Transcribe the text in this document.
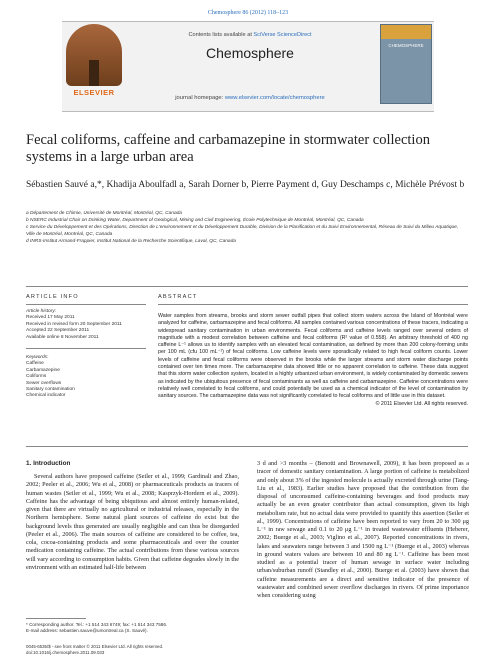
Chemosphere 86 (2012) 118–123
ELSEVIER
Contents lists available at SciVerse ScienceDirect
Chemosphere
journal homepage: www.elsevier.com/locate/chemosphere
CHEMOSPHERE
Fecal coliforms, caffeine and carbamazepine in stormwater collection systems in a large urban area
Sébastien Sauvé a,*, Khadija Aboulfadl a, Sarah Dorner b, Pierre Payment d, Guy Deschamps c, Michèle Prévost b
a Département de Chimie, Université de Montréal, Montréal, QC, Canada
b NSERC Industrial Chair on Drinking Water, Department of Geological, Mining and Civil Engineering, École Polytechnique de Montréal, Montréal, QC, Canada
c Service du Développement et des Opérations, Direction de L'environnement et du Développement Durable, Division de la Planification et du Suivi Environnemental, Réseau de Suivi du Milieu Aquatique, Ville de Montréal, Montréal, QC, Canada
d INRS-Institut Armand-Frappier, Institut National de la Recherche Scientifique, Laval, QC, Canada
ARTICLE INFO
Article history:
Received 17 May 2011
Received in revised form 20 September 2011
Accepted 22 September 2011
Available online 8 November 2011
Keywords:
Caffeine
Carbamazepine
Coliforms
Sewer overflows
Sanitary contamination
Chemical indicator
ABSTRACT
Water samples from streams, brooks and storm sewer outfall pipes that collect storm waters across the Island of Montréal were analyzed for caffeine, carbamazepine and fecal coliforms. All samples contained various concentrations of these tracers, indicating a widespread sanitary contamination in urban environments. Fecal coliforms and caffeine levels ranged over several orders of magnitude with a modest correlation between caffeine and fecal coliforms (R² value of 0.558). An arbitrary threshold of 400 ng caffeine L⁻¹ allows us to identify samples with an elevated fecal contamination, as defined by more than 200 colony-forming units per 100 mL (cfu 100 mL⁻¹) of fecal coliforms. Low caffeine levels were sporadically related to high fecal coliform counts. Lower levels of caffeine and fecal coliforms were observed in the brooks while the larger streams and storm water discharge points contained over ten times more. The carbamazepine data showed little or no apparent correlation to caffeine. These data suggest that this storm water collection system, located in a highly urbanized urban environment, is widely contaminated by domestic sewers as indicated by the ubiquitous presence of fecal contaminants as well as caffeine and carbamazepine. Caffeine concentrations were relatively well correlated to fecal coliforms, and could potentially be used as a chemical indicator of the level of contamination by sanitary sources. The carbamazepine data was not significantly correlated to fecal coliforms and of little use in this dataset.
© 2011 Elsevier Ltd. All rights reserved.
1. Introduction
Several authors have proposed caffeine (Seiler et al., 1999; Gardinali and Zhao, 2002; Peeler et al., 2006; Wu et al., 2008) or pharmaceuticals products as tracers of human wastes (Seiler et al., 1999; Wu et al., 2008; Kasprzyk-Hordern et al., 2009). Caffeine has the advantage of being ubiquitous and almost entirely human-related, given that there are virtually no agricultural or industrial releases, especially in the Northern hemisphere. Some natural plant sources of caffeine do exist but the background levels thus generated are usually negligible and can thus be disregarded (Peeler et al., 2006). The main sources of caffeine are considered to be coffee, tea, cola, cocoa-containing products and some pharmaceuticals and over the counter medication containing caffeine. The actual contributions from these various sources will vary according to consumption habits. Given that caffeine degrades slowly in the environment with an estimated half-life between
3 d and >3 months – (Benotti and Brownawell, 2009), it has been proposed as a tracer of domestic sanitary contamination. A large portion of caffeine is metabolized and only about 3% of the ingested molecule is actually excreted through urine (Tang-Liu et al., 1983). Earlier studies have proposed that the contribution from the disposal of unconsumed caffeine-containing beverages and food products may actually be an even greater contributor than actual consumption, given its high metabolism rate, but no actual data were provided to quantify this assertion (Seiler et al., 1999). Concentrations of caffeine have been reported to vary from 20 to 300 μg L⁻¹ in raw sewage and 0.1 to 20 μg L⁻¹ in treated wastewater effluents (Heberer, 2002; Buerge et al., 2003; Viglino et al., 2007). Reported concentrations in rivers, lakes and seawaters range between 3 and 1500 ng L⁻¹ (Buerge et al., 2003) whereas in ground waters values are between 10 and 80 ng L⁻¹. Caffeine has been most studied as a potential tracer of human sewage in surface water including urban/suburban runoff (Standley et al., 2000). Buerge et al. (2003) have shown that caffeine measurements are a direct and sensitive indicator of the presence of wastewater and combined sewer overflow discharges in rivers. Of prime importance when considering using
* Corresponding author. Tel.: +1 514 343 6749; fax: +1 514 343 7586.
E-mail address: sebastien.sauve@umontreal.ca (S. Sauvé).
0045-6535/$ - see front matter © 2011 Elsevier Ltd. All rights reserved.
doi:10.1016/j.chemosphere.2011.09.033
